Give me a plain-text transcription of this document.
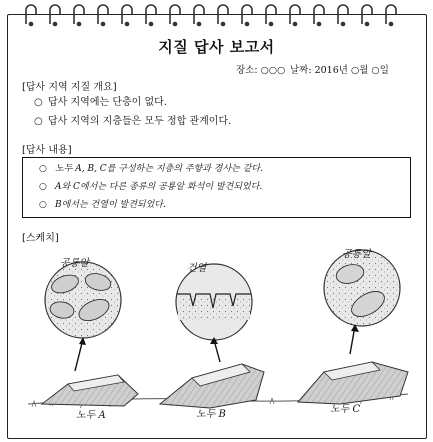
지질 답사 보고서
장소: ○○○ 날짜: 2016년 ○월 ○일
[답사 지역 지질 개요]
○ 답사 지역에는 단층이 없다.
○ 답사 지역의 지층들은 모두 정합 관계이다.
[답사 내용]
○ 노두 A, B, C를 구성하는 지층의 주향과 경사는 같다.
○ A와 C에서는 다른 종류의 공룡알 화석이 발견되었다.
○ B에서는 건열이 발견되었다.
[스케치]
공룡알	건열
공룡알
노두 A	노두 B	노두 C
